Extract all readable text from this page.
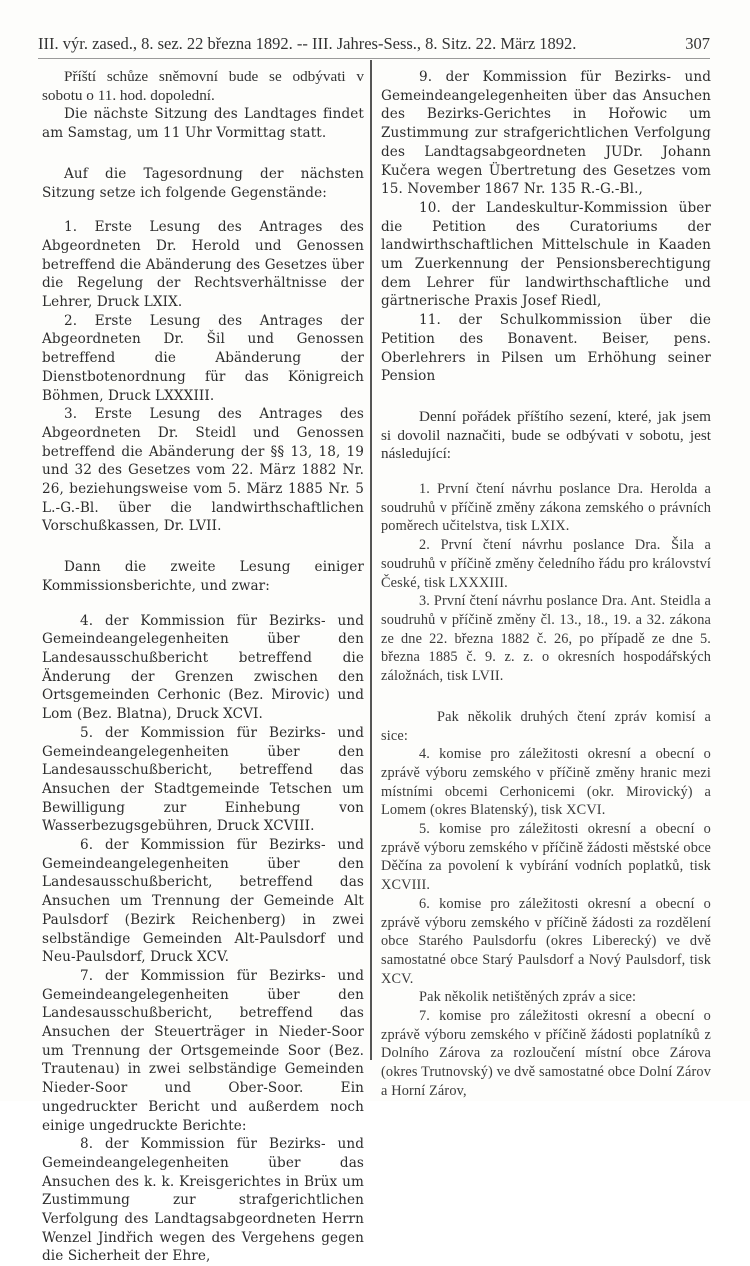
III. výr. zased., 8. sez. 22 března 1892. -- III. Jahres-Sess., 8. Sitz. 22. März 1892.	307

Příští schůze sněmovní bude se odbývati v sobotu o 11. hod. dopolední.

Die nächste Sitzung des Landtages findet am Samstag, um 11 Uhr Vormittag statt.

Auf die Tagesordnung der nächsten Sitzung setze ich folgende Gegenstände:

1. Erste Lesung des Antrages des Abgeordneten Dr. Herold und Genossen betreffend die Abänderung des Gesetzes über die Regelung der Rechtsverhältnisse der Lehrer, Druck LXIX.

2. Erste Lesung des Antrages der Abgeordneten Dr. Šil und Genossen betreffend die Abänderung der Dienstbotenordnung für das Königreich Böhmen, Druck LXXXIII.

3. Erste Lesung des Antrages des Abgeordneten Dr. Steidl und Genossen betreffend die Abänderung der §§ 13, 18, 19 und 32 des Gesetzes vom 22. März 1882 Nr. 26, beziehungsweise vom 5. März 1885 Nr. 5 L.-G.-Bl. über die landwirthschaftlichen Vorschußkassen, Dr. LVII.

Dann die zweite Lesung einiger Kommissionsberichte, und zwar:

4. der Kommission für Bezirks- und Gemeindeangelegenheiten über den Landesausschußbericht betreffend die Änderung der Grenzen zwischen den Ortsgemeinden Cerhonic (Bez. Mirovic) und Lom (Bez. Blatna), Druck XCVI.

5. der Kommission für Bezirks- und Gemeindeangelegenheiten über den Landesausschußbericht, betreffend das Ansuchen der Stadtgemeinde Tetschen um Bewilligung zur Einhebung von Wasserbezugsgebühren, Druck XCVIII.

6. der Kommission für Bezirks- und Gemeindeangelegenheiten über den Landesausschußbericht, betreffend das Ansuchen um Trennung der Gemeinde Alt Paulsdorf (Bezirk Reichenberg) in zwei selbständige Gemeinden Alt-Paulsdorf und Neu-Paulsdorf, Druck XCV.

7. der Kommission für Bezirks- und Gemeindeangelegenheiten über den Landesausschußbericht, betreffend das Ansuchen der Steuerträger in Nieder-Soor um Trennung der Ortsgemeinde Soor (Bez. Trautenau) in zwei selbständige Gemeinden Nieder-Soor und Ober-Soor. Ein ungedruckter Bericht und außerdem noch einige ungedruckte Berichte:

8. der Kommission für Bezirks- und Gemeindeangelegenheiten über das Ansuchen des k. k. Kreisgerichtes in Brüx um Zustimmung zur strafgerichtlichen Verfolgung des Landtagsabgeordneten Herrn Wenzel Jindřich wegen des Vergehens gegen die Sicherheit der Ehre,

9. der Kommission für Bezirks- und Gemeindeangelegenheiten über das Ansuchen des Bezirks-Gerichtes in Hořowic um Zustimmung zur strafgerichtlichen Verfolgung des Landtagsabgeordneten JUDr. Johann Kučera wegen Übertretung des Gesetzes vom 15. November 1867 Nr. 135 R.-G.-Bl.,

10. der Landeskultur-Kommission über die Petition des Curatoriums der landwirthschaftlichen Mittelschule in Kaaden um Zuerkennung der Pensionsberechtigung dem Lehrer für landwirthschaftliche und gärtnerische Praxis Josef Riedl,

11. der Schulkommission über die Petition des Bonavent. Beiser, pens. Oberlehrers in Pilsen um Erhöhung seiner Pension

Denní pořádek příštího sezení, které, jak jsem si dovolil naznačiti, bude se odbývati v sobotu, jest následující:

1. První čtení návrhu poslance Dra. Herolda a soudruhů v příčině změny zákona zemského o právních poměrech učitelstva, tisk LXIX.

2. První čtení návrhu poslance Dra. Šila a soudruhů v příčině změny čeledního řádu pro království České, tisk LXXXIII.

3. První čtení návrhu poslance Dra. Ant. Steidla a soudruhů v příčině změny čl. 13., 18., 19. a 32. zákona ze dne 22. března 1882 č. 26, po případě ze dne 5. března 1885 č. 9. z. z. o okresních hospodářských záložnách, tisk LVII.

Pak několik druhých čtení zpráv komisí a sice:

4. komise pro záležitosti okresní a obecní o zprávě výboru zemského v příčině změny hranic mezi místními obcemi Cerhonicemi (okr. Mirovický) a Lomem (okres Blatenský), tisk XCVI.

5. komise pro záležitosti okresní a obecní o zprávě výboru zemského v příčině žádosti městské obce Děčína za povolení k vybírání vodních poplatků, tisk XCVIII.

6. komise pro záležitosti okresní a obecní o zprávě výboru zemského v příčině žádosti za rozdělení obce Starého Paulsdorfu (okres Liberecký) ve dvě samostatné obce Starý Paulsdorf a Nový Paulsdorf, tisk XCV.

Pak několik netištěných zpráv a sice:

7. komise pro záležitosti okresní a obecní o zprávě výboru zemského v příčině žádosti poplatníků z Dolního Zárova za rozloučení místní obce Zárova (okres Trutnovský) ve dvě samostatné obce Dolní Zárov a Horní Zárov,
